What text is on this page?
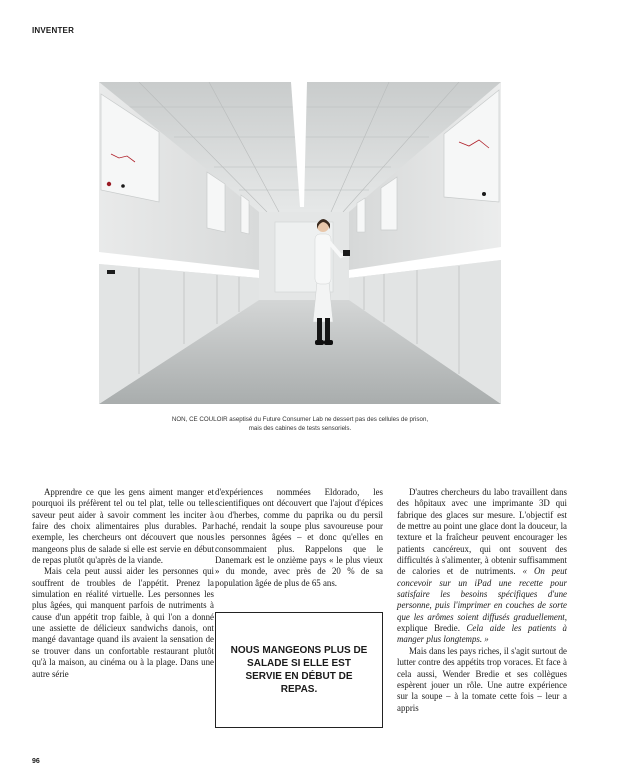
INVENTER
NON, CE COULOIR aseptisé du Future Consumer Lab ne dessert pas des cellules de prison,
mais des cabines de tests sensoriels.

Apprendre ce que les gens aiment manger et pourquoi ils préfèrent tel ou tel plat, telle ou telle saveur peut aider à savoir comment les inciter à faire des choix alimentaires plus durables. Par exemple, les chercheurs ont découvert que nous mangeons plus de salade si elle est servie en début de repas plutôt qu'après de la viande.

Mais cela peut aussi aider les personnes qui souffrent de troubles de l'appétit. Prenez la simulation en réalité virtuelle. Les personnes les plus âgées, qui manquent parfois de nutriments à cause d'un appétit trop faible, à qui l'on a donné une assiette de délicieux sandwichs danois, ont mangé davantage quand ils avaient la sensation de se trouver dans un confortable restaurant plutôt qu'à la maison, au cinéma ou à la plage. Dans une autre série

d'expériences nommées Eldorado, les scientifiques ont découvert que l'ajout d'épices ou d'herbes, comme du paprika ou du persil haché, rendait la soupe plus savoureuse pour les personnes âgées – et donc qu'elles en consommaient plus. Rappelons que le Danemark est le onzième pays « le plus vieux » du monde, avec près de 20 % de sa population âgée de plus de 65 ans.

NOUS MANGEONS PLUS DE SALADE SI ELLE EST SERVIE EN DÉBUT DE REPAS.

D'autres chercheurs du labo travaillent dans des hôpitaux avec une imprimante 3D qui fabrique des glaces sur mesure. L'objectif est de mettre au point une glace dont la douceur, la texture et la fraîcheur peuvent encourager les patients cancéreux, qui ont souvent des difficultés à s'alimenter, à obtenir suffisamment de calories et de nutriments. « On peut concevoir sur un iPad une recette pour satisfaire les besoins spécifiques d'une personne, puis l'imprimer en couches de sorte que les arômes soient diffusés graduellement, explique Bredie. Cela aide les patients à manger plus longtemps. »

Mais dans les pays riches, il s'agit surtout de lutter contre des appétits trop voraces. Et face à cela aussi, Wender Bredie et ses collègues espèrent jouer un rôle. Une autre expérience sur la soupe – à la tomate cette fois – leur a appris

96
